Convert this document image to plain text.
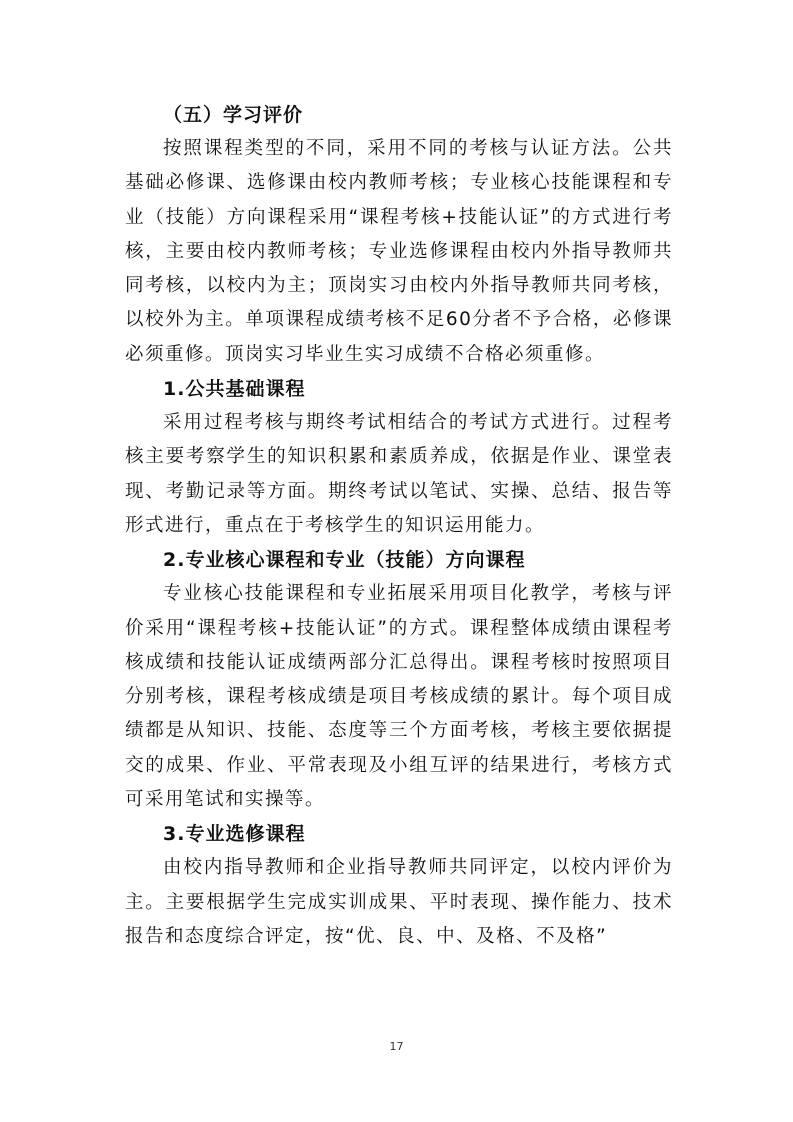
（五）学习评价

按照课程类型的不同，采用不同的考核与认证方法。公共基础必修课、选修课由校内教师考核；专业核心技能课程和专业（技能）方向课程采用“课程考核+技能认证”的方式进行考核，主要由校内教师考核；专业选修课程由校内外指导教师共同考核，以校内为主；顶岗实习由校内外指导教师共同考核，以校外为主。单项课程成绩考核不足60分者不予合格，必修课必须重修。顶岗实习毕业生实习成绩不合格必须重修。

1.公共基础课程

采用过程考核与期终考试相结合的考试方式进行。过程考核主要考察学生的知识积累和素质养成，依据是作业、课堂表现、考勤记录等方面。期终考试以笔试、实操、总结、报告等形式进行，重点在于考核学生的知识运用能力。

2.专业核心课程和专业（技能）方向课程

专业核心技能课程和专业拓展采用项目化教学，考核与评价采用“课程考核+技能认证”的方式。课程整体成绩由课程考核成绩和技能认证成绩两部分汇总得出。课程考核时按照项目分别考核，课程考核成绩是项目考核成绩的累计。每个项目成绩都是从知识、技能、态度等三个方面考核，考核主要依据提交的成果、作业、平常表现及小组互评的结果进行，考核方式可采用笔试和实操等。

3.专业选修课程

由校内指导教师和企业指导教师共同评定，以校内评价为主。主要根据学生完成实训成果、平时表现、操作能力、技术报告和态度综合评定，按“优、良、中、及格、不及格”

17
